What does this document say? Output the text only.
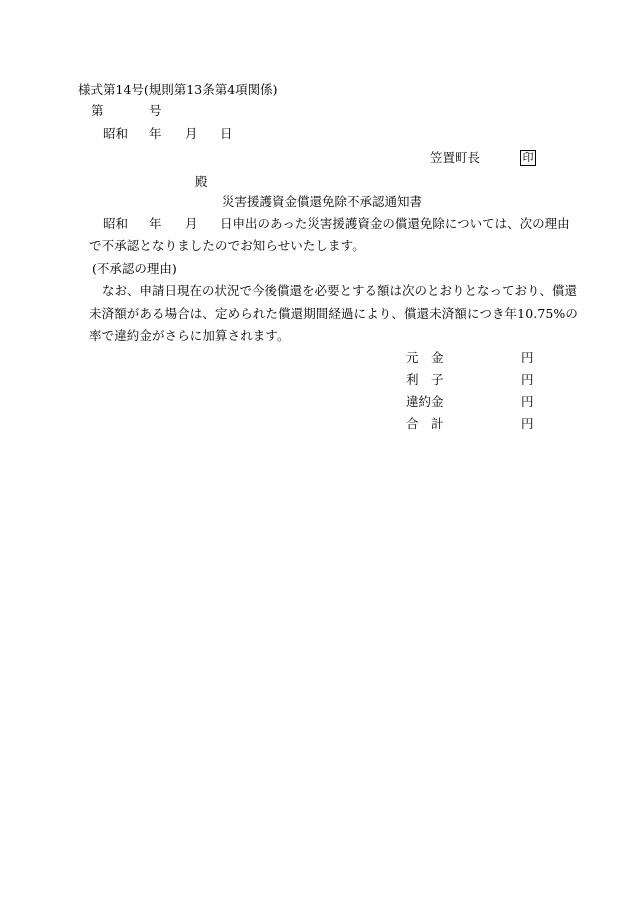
様式第14号(規則第13条第4項関係)
第	号
昭和 年 月 日
笠置町長	印
殿
災害援護資金償還免除不承認通知書
昭和 年 月 日申出のあった災害援護資金の償還免除については、次の理由
で不承認となりましたのでお知らせいたします。
(不承認の理由)
なお、申請日現在の状況で今後償還を必要とする額は次のとおりとなっており、償還
未済額がある場合は、定められた償還期間経過により、償還未済額につき年10.75%の
率で違約金がさらに加算されます。
元　金	円
利　子	円
違約金	円
合　計	円
